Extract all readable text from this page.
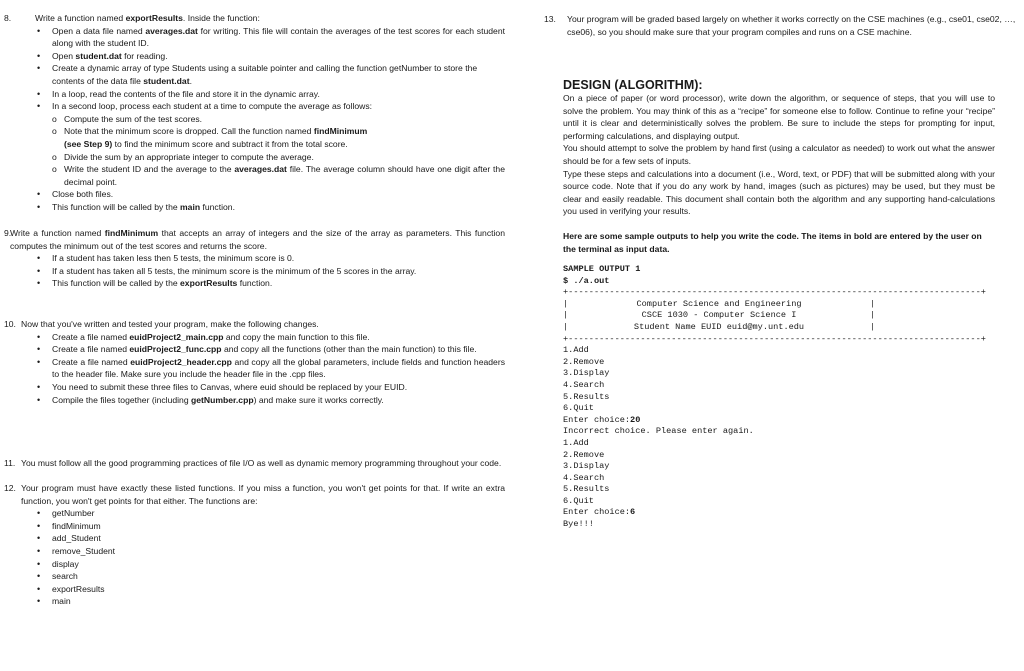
8.	Write a function named exportResults. Inside the function:
• Open a data file named averages.dat for writing. This file will contain the averages of the test scores for each student along with the student ID.
• Open student.dat for reading.
• Create a dynamic array of type Students using a suitable pointer and calling the function getNumber to store the contents of the data file student.dat.
• In a loop, read the contents of the file and store it in the dynamic array.
• In a second loop, process each student at a time to compute the average as follows:
o Compute the sum of the test scores.
o Note that the minimum score is dropped. Call the function named findMinimum
(see Step 9) to find the minimum score and subtract it from the total score.
o Divide the sum by an appropriate integer to compute the average.
o Write the student ID and the average to the averages.dat file. The average column should have one digit after the decimal point.
• Close both files.
• This function will be called by the main function.
9.
Write a function named findMinimum that accepts an array of integers and the size of the array as parameters. This function computes the minimum out of the test scores and returns the score.
• If a student has taken less then 5 tests, the minimum score is 0.
• If a student has taken all 5 tests, the minimum score is the minimum of the 5 scores in the array.
• This function will be called by the exportResults function.
10. Now that you've written and tested your program, make the following changes.
• Create a file named euidProject2_main.cpp and copy the main function to this file.
• Create a file named euidProject2_func.cpp and copy all the functions (other than the main function) to this file.
• Create a file named euidProject2_header.cpp and copy all the global parameters, include fields and function headers to the header file. Make sure you include the header file in the .cpp files.
• You need to submit these three files to Canvas, where euid should be replaced by your EUID.
• Compile the files together (including getNumber.cpp) and make sure it works correctly.
11. You must follow all the good programming practices of file I/O as well as dynamic memory programming throughout your code.
12. Your program must have exactly these listed functions. If you miss a function, you won't get points for that. If write an extra function, you won't get points for that either. The functions are:
• getNumber
• findMinimum
• add_Student
• remove_Student
• display
• search
• exportResults
• main
13. Your program will be graded based largely on whether it works correctly on the CSE machines (e.g., cse01, cse02, …, cse06), so you should make sure that your program compiles and runs on a CSE machine.
DESIGN (ALGORITHM):
On a piece of paper (or word processor), write down the algorithm, or sequence of steps, that you will use to solve the problem. You may think of this as a “recipe” for someone else to follow. Continue to refine your “recipe” until it is clear and deterministically solves the problem. Be sure to include the steps for prompting for input, performing calculations, and displaying output.
You should attempt to solve the problem by hand first (using a calculator as needed) to work out what the answer should be for a few sets of inputs.
Type these steps and calculations into a document (i.e., Word, text, or PDF) that will be submitted along with your source code. Note that if you do any work by hand, images (such as pictures) may be used, but they must be clear and easily readable. This document shall contain both the algorithm and any supporting hand-calculations you used in verifying your results.
Here are some sample outputs to help you write the code. The items in bold are entered by the user on the terminal as input data.
SAMPLE OUTPUT 1
$ ./a.out
+--------------------------------------------------------------------------------+
|	Computer Science and Engineering	|
|	CSCE 1030 - Computer Science I	|
|	Student Name EUID euid@my.unt.edu	|
+--------------------------------------------------------------------------------+
1.Add
2.Remove
3.Display
4.Search
5.Results
6.Quit
Enter choice:20
Incorrect choice. Please enter again.
1.Add
2.Remove
3.Display
4.Search
5.Results
6.Quit
Enter choice:6
Bye!!!
